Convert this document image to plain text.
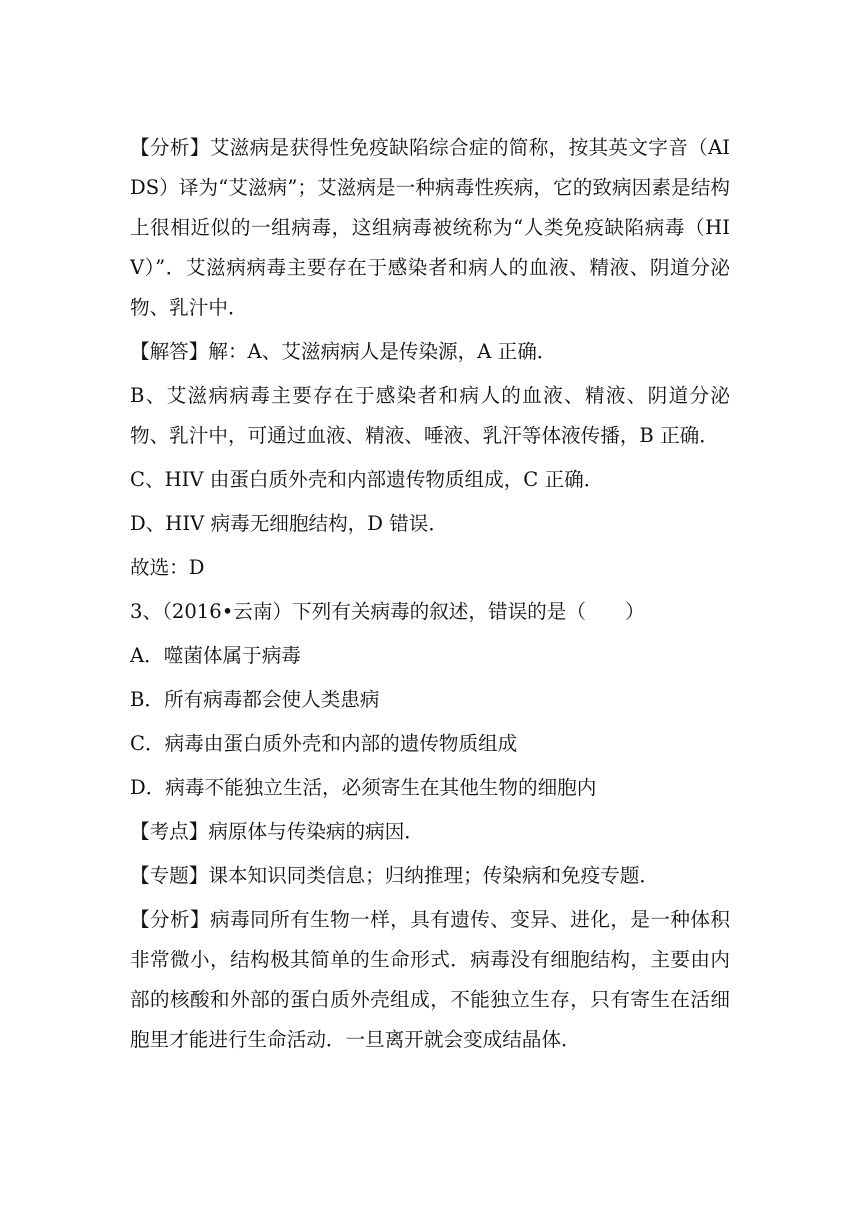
【分析】艾滋病是获得性免疫缺陷综合症的简称，按其英文字音（AIDS）译为“艾滋病”；艾滋病是一种病毒性疾病，它的致病因素是结构上很相近似的一组病毒，这组病毒被统称为“人类免疫缺陷病毒（HIV）”．艾滋病病毒主要存在于感染者和病人的血液、精液、阴道分泌物、乳汁中．

【解答】解：A、艾滋病病人是传染源，A 正确．

B、艾滋病病毒主要存在于感染者和病人的血液、精液、阴道分泌物、乳汁中，可通过血液、精液、唾液、乳汗等体液传播，B 正确．

C、HIV 由蛋白质外壳和内部遗传物质组成，C 正确．

D、HIV 病毒无细胞结构，D 错误．

故选：D

3、（2016•云南）下列有关病毒的叙述，错误的是（　　）

A．噬菌体属于病毒

B．所有病毒都会使人类患病

C．病毒由蛋白质外壳和内部的遗传物质组成

D．病毒不能独立生活，必须寄生在其他生物的细胞内

【考点】病原体与传染病的病因．

【专题】课本知识同类信息；归纳推理；传染病和免疫专题．

【分析】病毒同所有生物一样，具有遗传、变异、进化，是一种体积非常微小，结构极其简单的生命形式．病毒没有细胞结构，主要由内部的核酸和外部的蛋白质外壳组成，不能独立生存，只有寄生在活细胞里才能进行生命活动．一旦离开就会变成结晶体．
